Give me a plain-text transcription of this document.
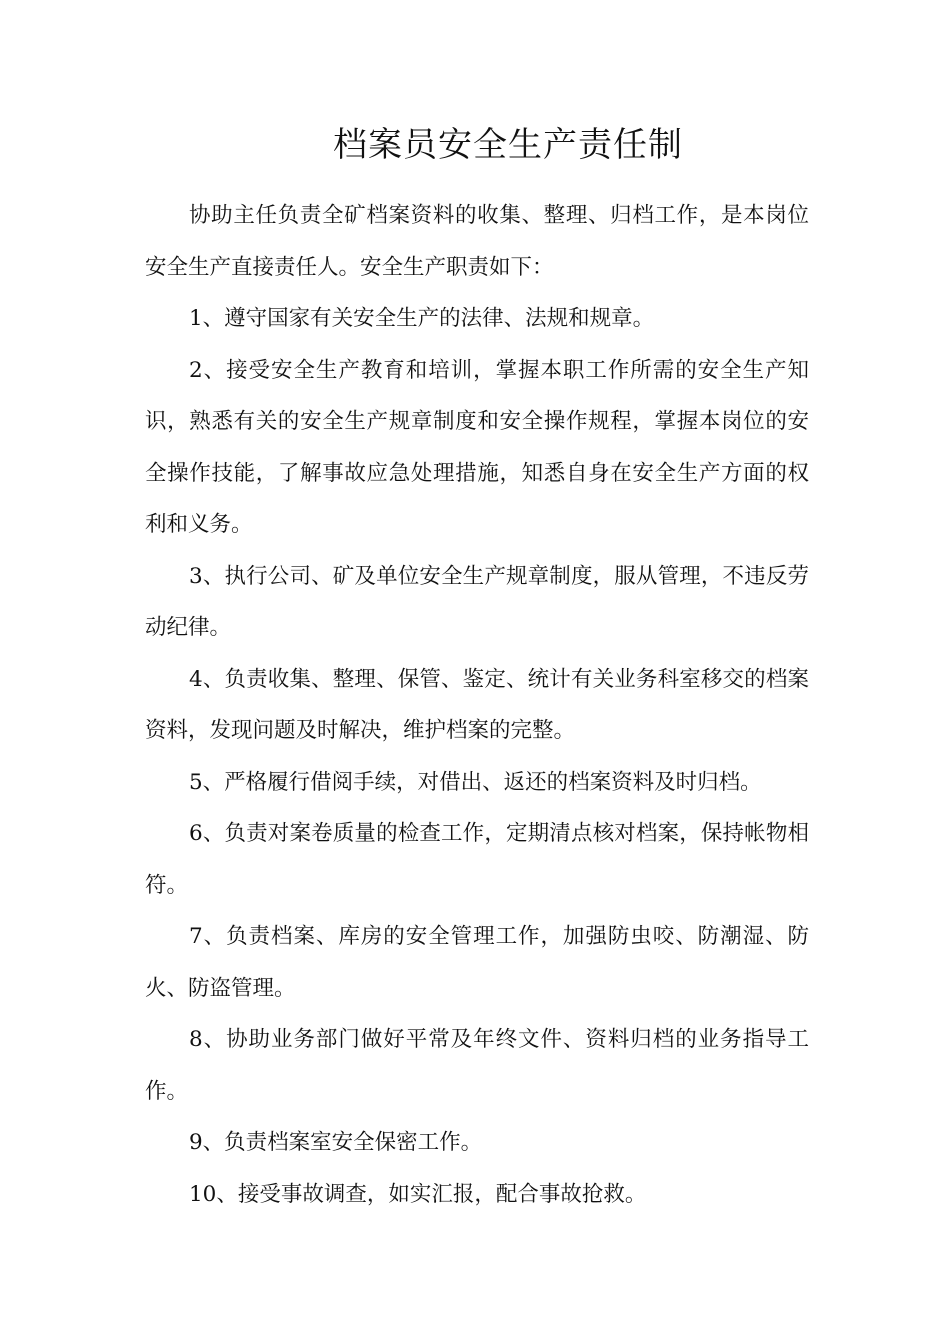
档案员安全生产责任制

协助主任负责全矿档案资料的收集、整理、归档工作，是本岗位安全生产直接责任人。安全生产职责如下：

1、遵守国家有关安全生产的法律、法规和规章。

2、接受安全生产教育和培训，掌握本职工作所需的安全生产知识，熟悉有关的安全生产规章制度和安全操作规程，掌握本岗位的安全操作技能，了解事故应急处理措施，知悉自身在安全生产方面的权利和义务。

3、执行公司、矿及单位安全生产规章制度，服从管理，不违反劳动纪律。

4、负责收集、整理、保管、鉴定、统计有关业务科室移交的档案资料，发现问题及时解决，维护档案的完整。

5、严格履行借阅手续，对借出、返还的档案资料及时归档。

6、负责对案卷质量的检查工作，定期清点核对档案，保持帐物相符。

7、负责档案、库房的安全管理工作，加强防虫咬、防潮湿、防火、防盗管理。

8、协助业务部门做好平常及年终文件、资料归档的业务指导工作。

9、负责档案室安全保密工作。

10、接受事故调查，如实汇报，配合事故抢救。
